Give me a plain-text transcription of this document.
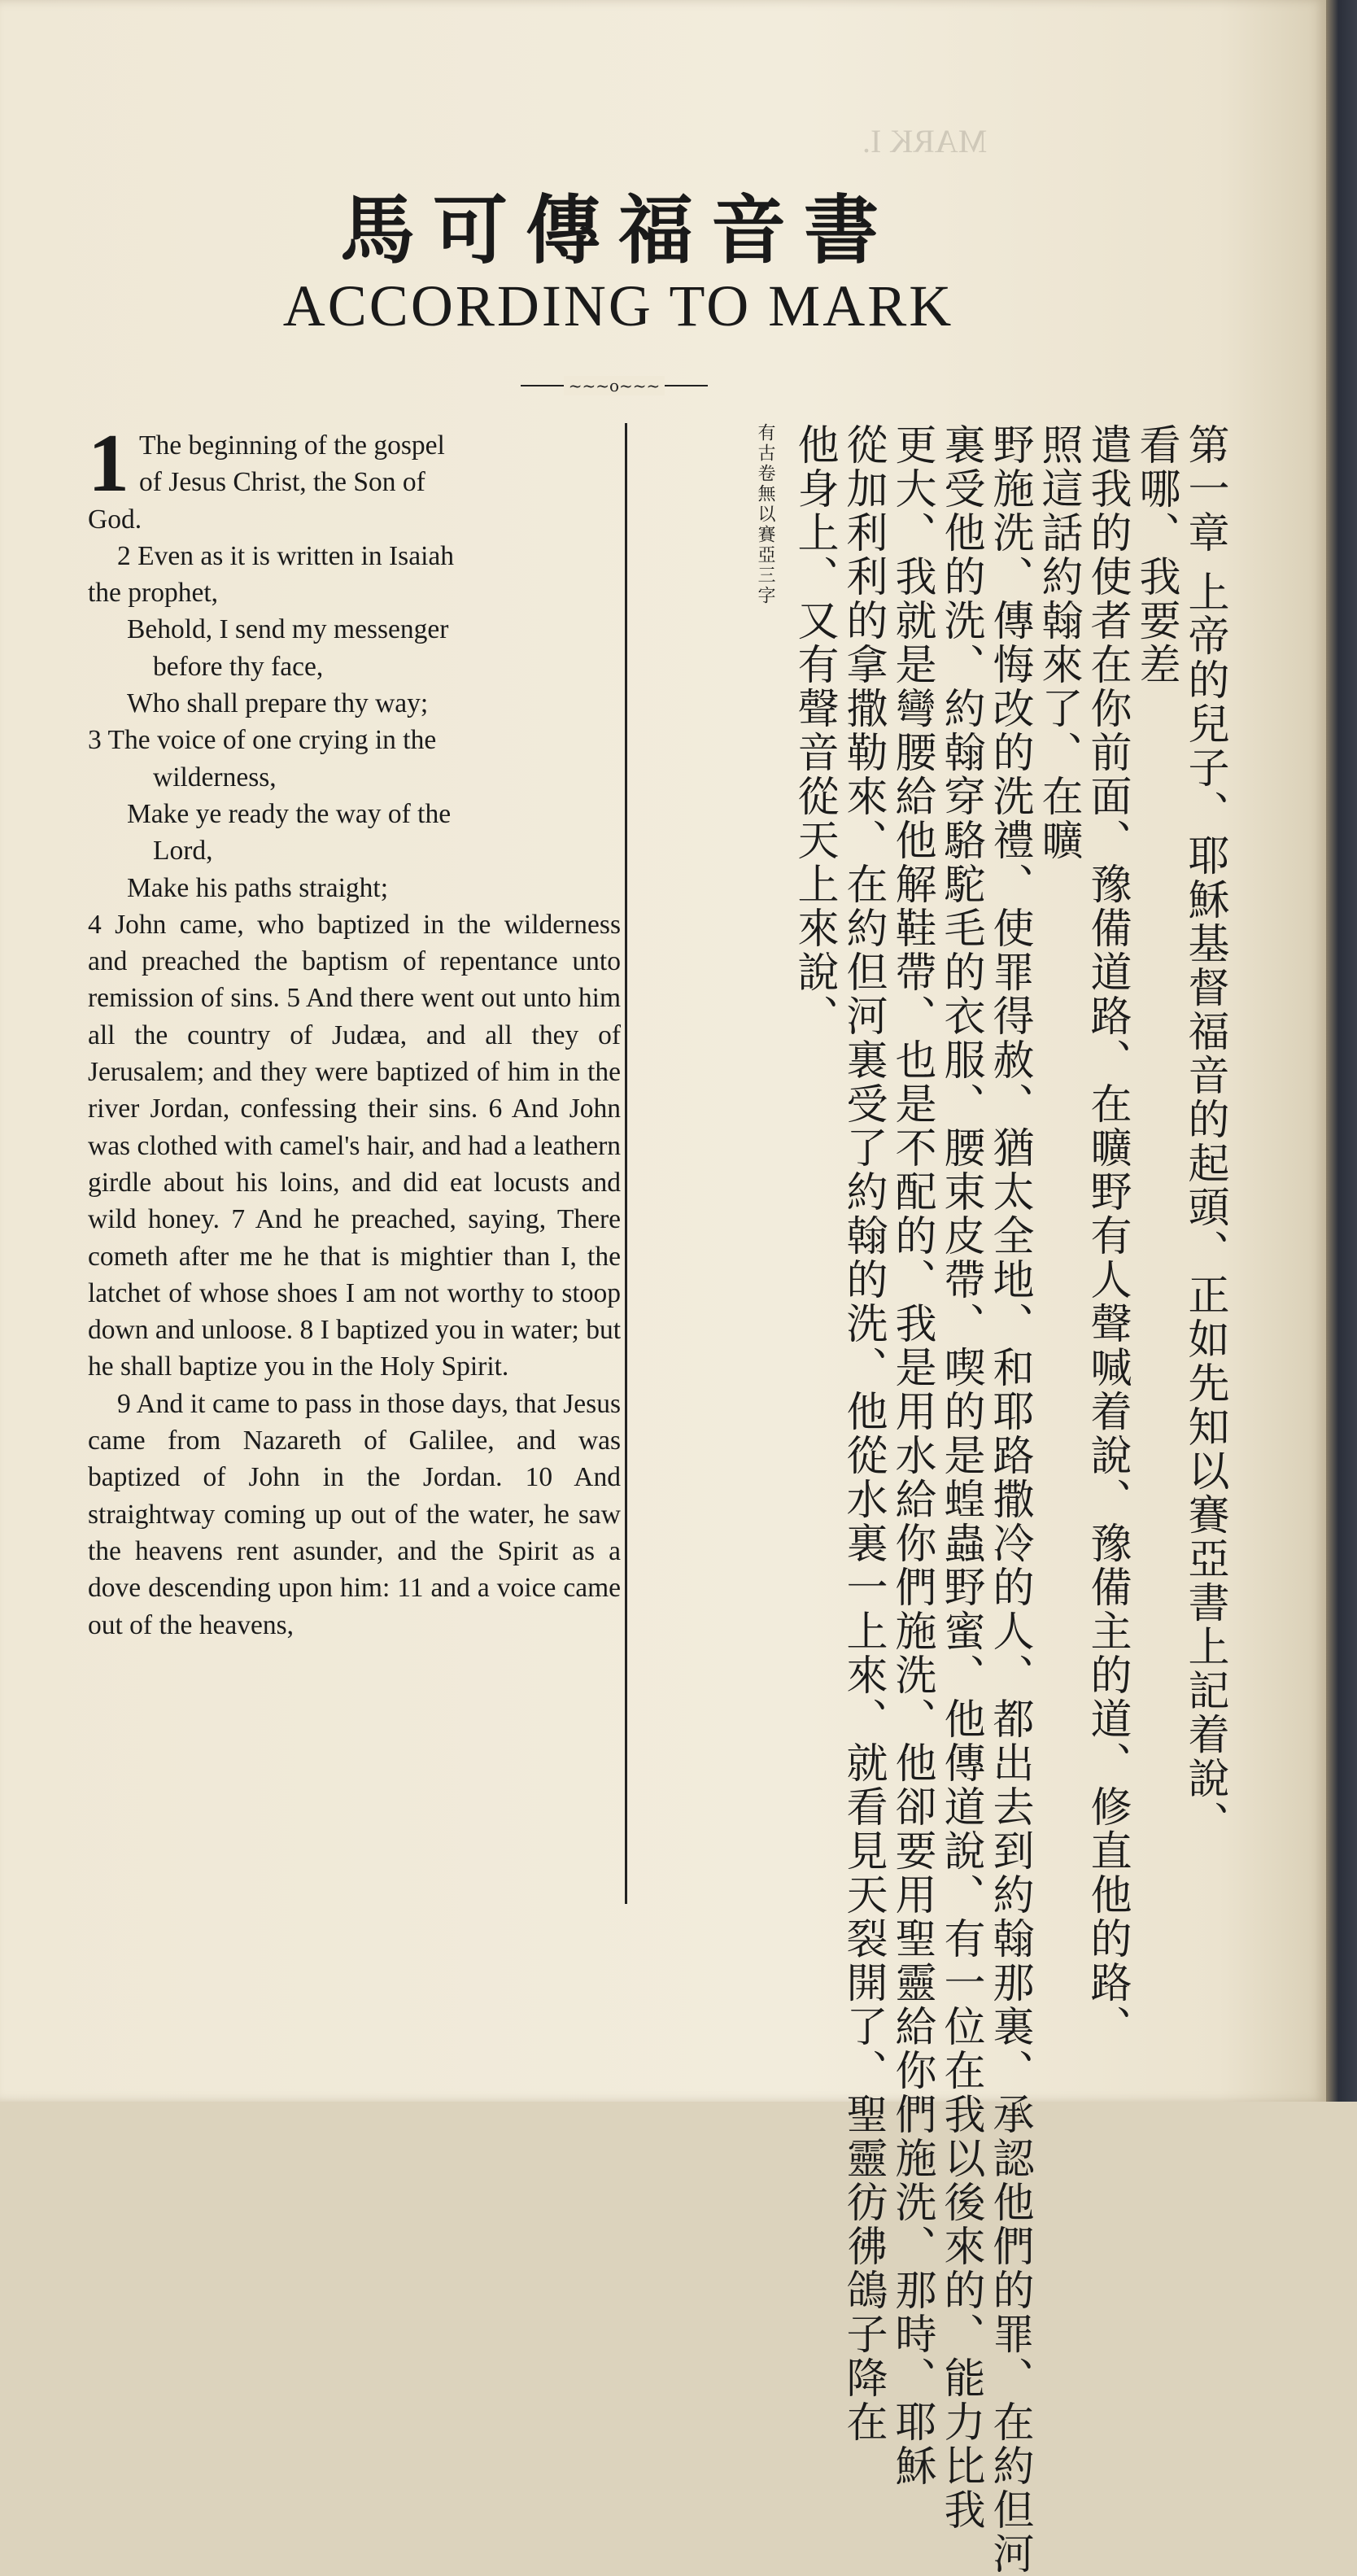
MARK I.
馬可傳福音書
ACCORDING TO MARK
~~~o~~~
1 The beginning of the gospel

of Jesus Christ, the Son of

God.

2 Even as it is written in Isaiah

the prophet,

Behold, I send my messenger

before thy face,

Who shall prepare thy way;

3 The voice of one crying in the

wilderness,

Make ye ready the way of the

Lord,

Make his paths straight;

4 John came, who baptized in the wilderness and preached the baptism of repentance unto remission of sins. 5 And there went out unto him all the country of Judæa, and all they of Jerusalem; and they were baptized of him in the river Jordan, confessing their sins. 6 And John was clothed with camel's hair, and had a leathern girdle about his loins, and did eat locusts and wild honey. 7 And he preached, saying, There cometh after me he that is mightier than I, the latchet of whose shoes I am not worthy to stoop down and unloose. 8 I baptized you in water; but he shall baptize you in the Holy Spirit.

9 And it came to pass in those days, that Jesus came from Nazareth of Galilee, and was baptized of John in the Jordan. 10 And straightway coming up out of the water, he saw the heavens rent asunder, and the Spirit as a dove descending upon him: 11 and a voice came out of the heavens,	第一章 上帝的兒子、耶穌基督福音的起頭、正如先知以賽亞書上記着說、
看哪、我要差
遣我的使者在你前面、豫備道路、在曠野有人聲喊着說、豫備主的道、修直他的路、
照這話約翰來了、在曠
野施洗、傳悔改的洗禮、使罪得赦、猶太全地、和耶路撒冷的人、都出去到約翰那裏、承認他們的罪、在約但河
裏受他的洗、約翰穿駱駝毛的衣服、腰束皮帶、喫的是蝗蟲野蜜、他傳道說、有一位在我以後來的、能力比我
更大、我就是彎腰給他解鞋帶、也是不配的、我是用水給你們施洗、他卻要用聖靈給你們施洗、那時、耶穌
從加利利的拿撒勒來、在約但河裏受了約翰的洗、他從水裏一上來、就看見天裂開了、聖靈彷彿鴿子降在
他身上、又有聲音從天上來說、
有古卷無以賽亞三字
